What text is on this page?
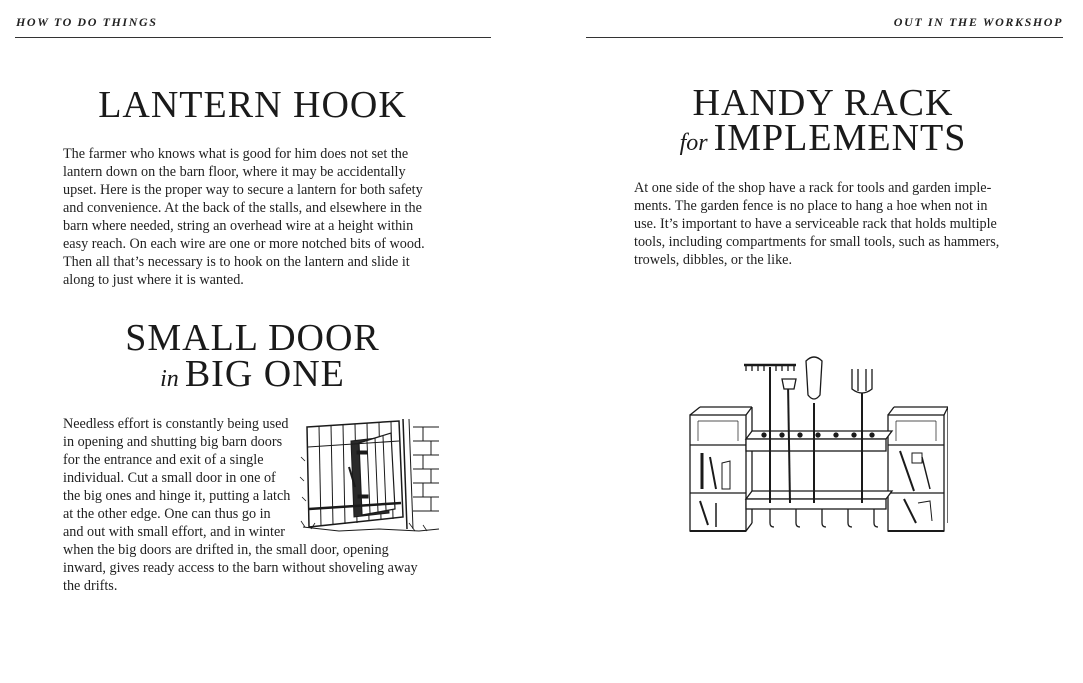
HOW TO DO THINGS
LANTERN HOOK

The farmer who knows what is good for him does not set the lantern down on the barn floor, where it may be accidentally upset. Here is the proper way to secure a lantern for both safety and convenience. At the back of the stalls, and elsewhere in the barn where needed, string an overhead wire at a height within easy reach. On each wire are one or more notched bits of wood. Then all that’s necessary is to hook on the lantern and slide it along to just where it is wanted.

SMALL DOOR
in BIG ONE
Needless effort is constantly being used in opening and shutting big barn doors for the entrance and exit of a single individual. Cut a small door in one of the big ones and hinge it, putting a latch at the other edge. One can thus go in and out with small effort, and in winter when the big doors are drifted in, the small door, opening inward, gives ready access to the barn without shoveling away the drifts.
OUT IN THE WORKSHOP
HANDY RACK
for IMPLEMENTS

At one side of the shop have a rack for tools and garden implements. The garden fence is no place to hang a hoe when not in use. It’s important to have a serviceable rack that holds multiple tools, including compartments for small tools, such as hammers, trowels, dibbles, or the like.
